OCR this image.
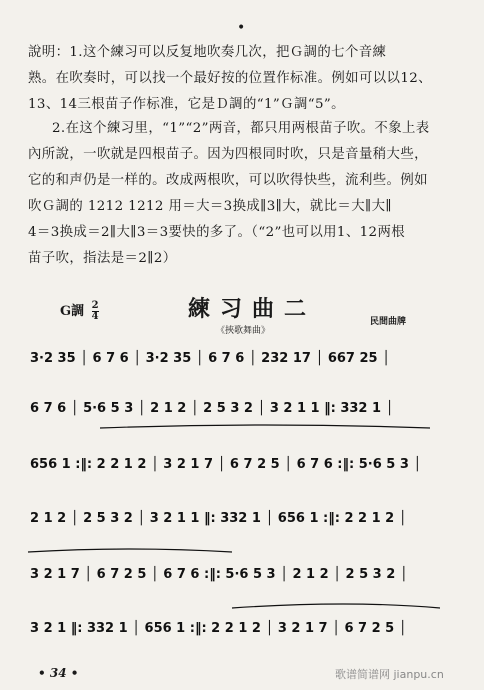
•
說明：1.这个練习可以反复地吹奏几次，把Ｇ調的七个音練
熟。在吹奏时，可以找一个最好按的位置作标准。例如可以以12、
13、14三根苗子作标准，它是Ｄ調的“1”Ｇ調“5”。
2.在这个練习里，“1”“2”两音，都只用两根苗子吹。不象上表
內所說，一吹就是四根苗子。因为四根同时吹，只是音量稍大些，
它的和声仍是一样的。改成两根吹，可以吹得快些，流利些。例如
吹Ｇ調的 1212 1212 用＝大＝3换成∥3∥大，就比＝大∥大∥
4＝3换成＝2∥大∥3＝3要快的多了。（“2”也可以用1、12两根
苗子吹，指法是＝2∥2）
G調 $\frac{2}{4}$	練习曲二
《挾歌舞曲》
民間曲牌
3·2 35 │ 6 7 6 │ 3·2 35 │ 6 7 6 │ 232 17 │ 667 25 │
6 7 6 │ 5·6 5 3 │ 2 1 2 │ 2 5 3 2 │ 3 2 1 1 ‖: 332 1 │
656 1 :‖: 2 2 1 2 │ 3 2 1 7 │ 6 7 2 5 │ 6 7 6 :‖: 5·6 5 3 │
2 1 2 │ 2 5 3 2 │ 3 2 1 1 ‖: 332 1 │ 656 1 :‖: 2 2 1 2 │
3 2 1 7 │ 6 7 2 5 │ 6 7 6 :‖: 5·6 5 3 │ 2 1 2 │ 2 5 3 2 │
3 2 1 ‖: 332 1 │ 656 1 :‖: 2 2 1 2 │ 3 2 1 7 │ 6 7 2 5 │
• 34 •	歌谱简谱网 jianpu.cn
